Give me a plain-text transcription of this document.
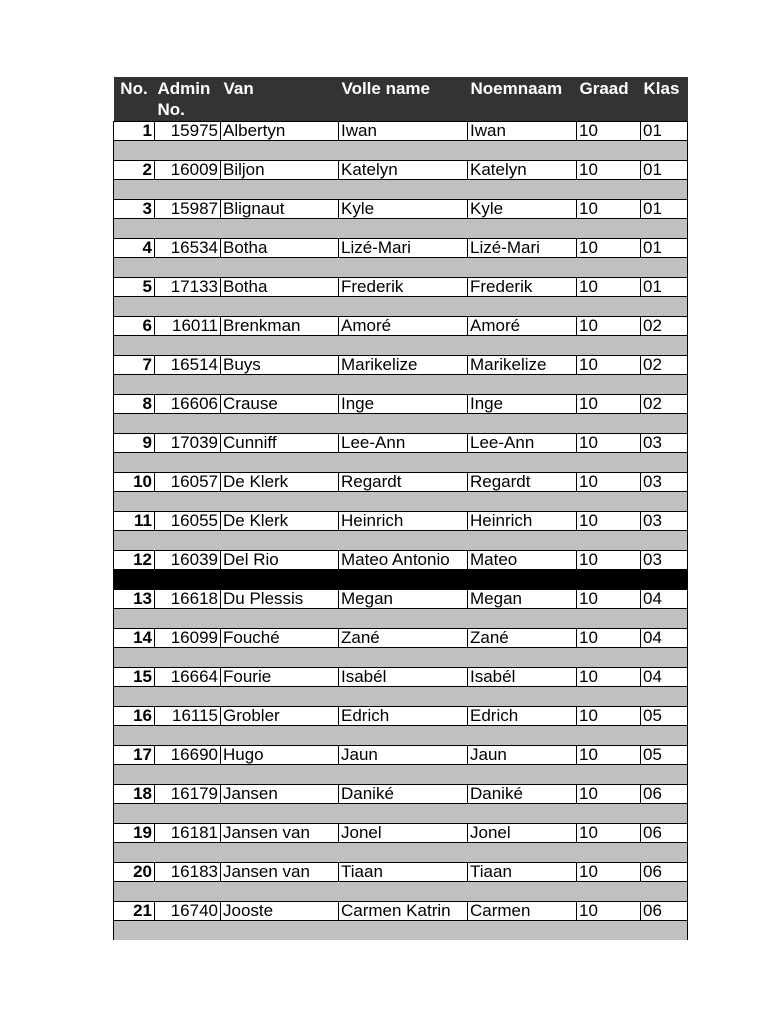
No.	Admin No.	Van	Volle name	Noemnaam	Graad	Klas
1	15975	Albertyn	Iwan	Iwan	10	01

2	16009	Biljon	Katelyn	Katelyn	10	01

3	15987	Blignaut	Kyle	Kyle	10	01

4	16534	Botha	Lizé-Mari	Lizé-Mari	10	01

5	17133	Botha	Frederik	Frederik	10	01

6	16011	Brenkman	Amoré	Amoré	10	02

7	16514	Buys	Marikelize	Marikelize	10	02

8	16606	Crause	Inge	Inge	10	02

9	17039	Cunniff	Lee-Ann	Lee-Ann	10	03

10	16057	De Klerk	Regardt	Regardt	10	03

11	16055	De Klerk	Heinrich	Heinrich	10	03

12	16039	Del Rio	Mateo Antonio	Mateo	10	03

13	16618	Du Plessis	Megan	Megan	10	04

14	16099	Fouché	Zané	Zané	10	04

15	16664	Fourie	Isabél	Isabél	10	04

16	16115	Grobler	Edrich	Edrich	10	05

17	16690	Hugo	Jaun	Jaun	10	05

18	16179	Jansen	Daniké	Daniké	10	06

19	16181	Jansen van	Jonel	Jonel	10	06

20	16183	Jansen van	Tiaan	Tiaan	10	06

21	16740	Jooste	Carmen Katrin	Carmen	10	06
